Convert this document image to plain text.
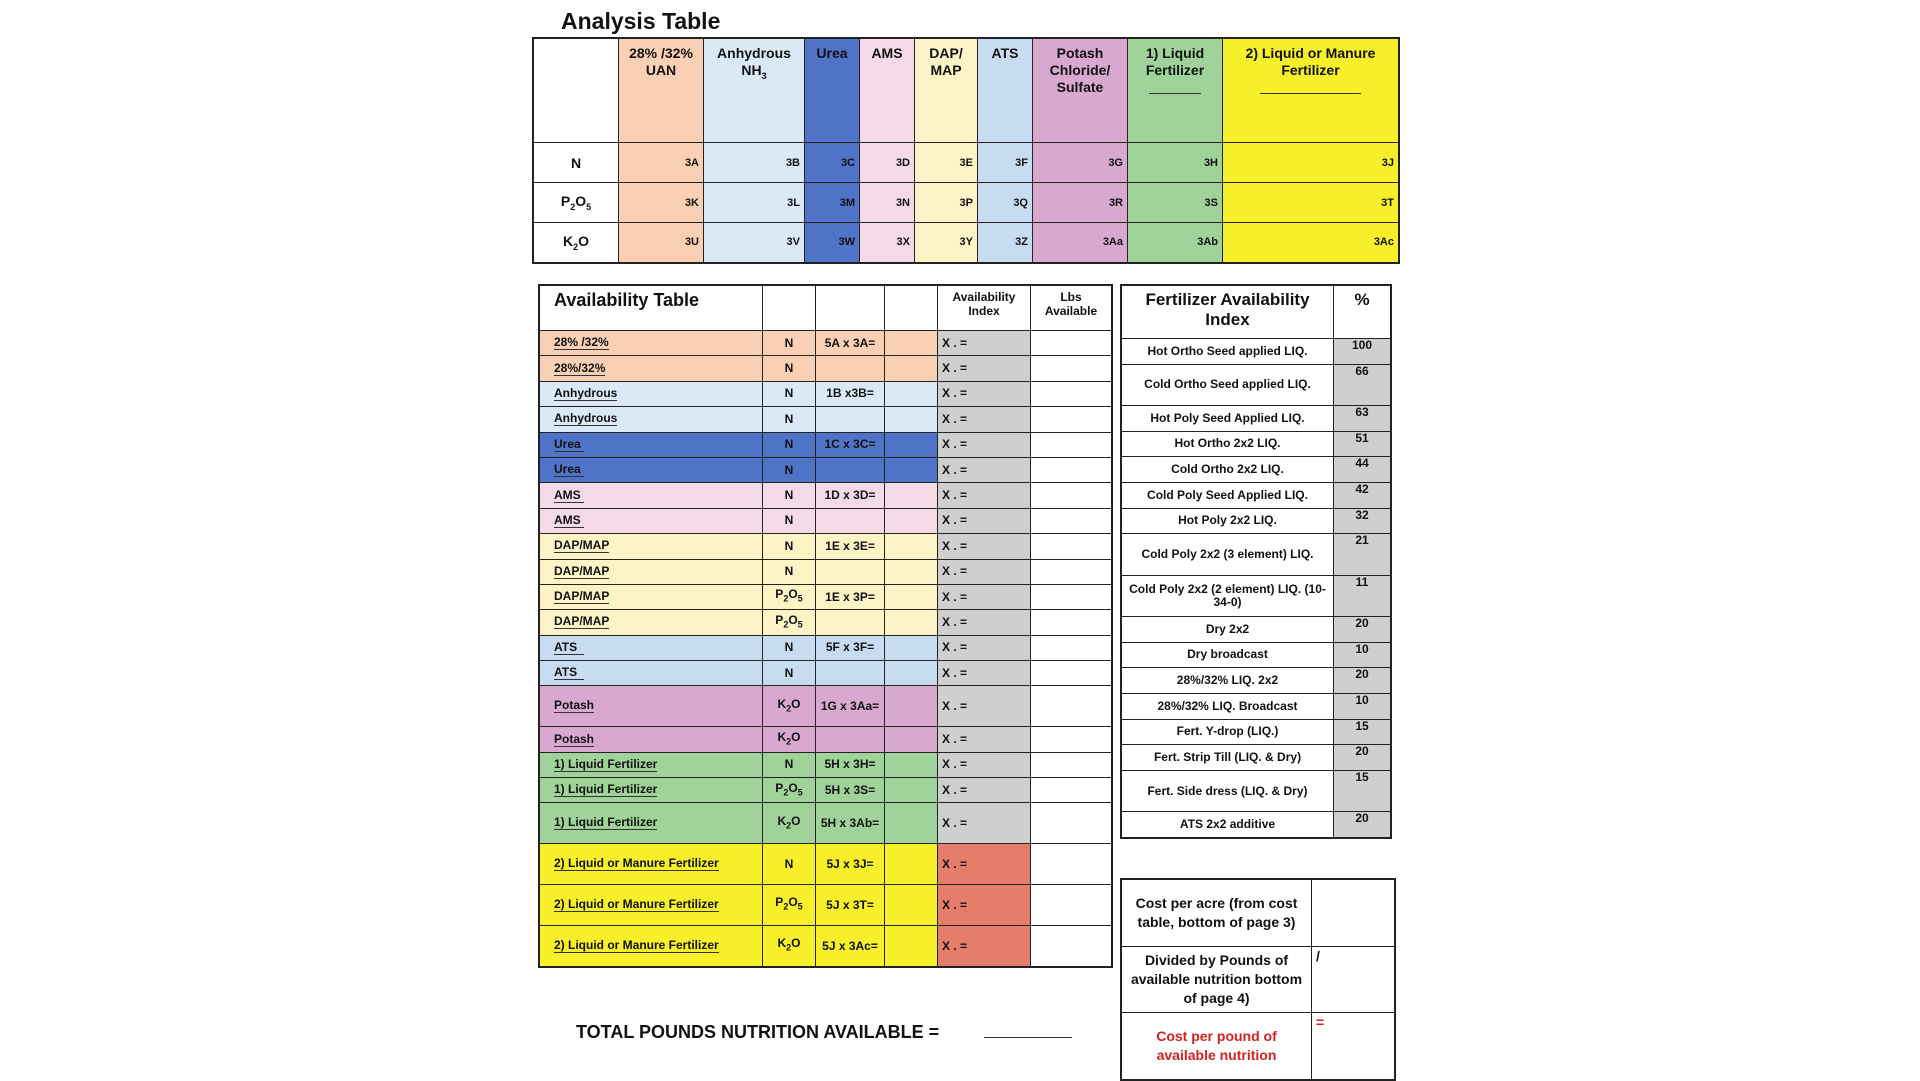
Analysis Table
	28% /32% UAN	Anhydrous $NH_3$	Urea	AMS	DAP/ MAP	ATS	Potash Chloride/ Sulfate	1) Liquid Fertilizer	2) Liquid or Manure Fertilizer

N	3A	3B	3C	3D	3E	3F	3G	3H	3J
$P_2O_5$	3K	3L	3M	3N	3P	3Q	3R	3S	3T
$K_2O$	3U	3V	3W	3X	3Y	3Z	3Aa	3Ab	3Ac
Availability Table				Availability Index	Lbs Available
28% /32%	N	5A x 3A=		X . =	
28%/32%	N			X . =	
Anhydrous	N	1B x3B=		X . =	
Anhydrous	N			X . =	
Urea	N	1C x 3C=		X . =	
Urea	N			X . =	
AMS	N	1D x 3D=		X . =	
AMS	N			X . =	
DAP/MAP	N	1E x 3E=		X . =	
DAP/MAP	N			X . =	
DAP/MAP	$P_2O_5$	1E x 3P=		X . =	
DAP/MAP	$P_2O_5$			X . =	
ATS	N	5F x 3F=		X . =	
ATS	N			X . =	
Potash	$K_2O$	1G x 3Aa=		X . =	
Potash	$K_2O$			X . =	
1) Liquid Fertilizer	N	5H x 3H=		X . =	
1) Liquid Fertilizer	$P_2O_5$	5H x 3S=		X . =	
1) Liquid Fertilizer	$K_2O$	5H x 3Ab=		X . =	
2) Liquid or Manure Fertilizer	N	5J x 3J=		X . =	
2) Liquid or Manure Fertilizer	$P_2O_5$	5J x 3T=		X . =	
2) Liquid or Manure Fertilizer	$K_2O$	5J x 3Ac=		X . =	
Fertilizer Availability Index	%
Hot Ortho Seed applied LIQ.	100
Cold Ortho Seed applied LIQ.	66
Hot Poly Seed Applied LIQ.	63
Hot Ortho 2x2 LIQ.	51
Cold Ortho 2x2 LIQ.	44
Cold Poly Seed Applied LIQ.	42
Hot Poly 2x2 LIQ.	32
Cold Poly 2x2 (3 element) LIQ.	21
Cold Poly 2x2 (2 element) LIQ. (10-34-0)	11
Dry 2x2	20
Dry broadcast	10
28%/32% LIQ. 2x2	20
28%/32% LIQ. Broadcast	10
Fert. Y-drop (LIQ.)	15
Fert. Strip Till (LIQ. & Dry)	20
Fert. Side dress (LIQ. & Dry)	15
ATS 2x2 additive	20
Cost per acre (from cost table, bottom of page 3)	
Divided by Pounds of available nutrition bottom of page 4)	/
Cost per pound of available nutrition	=
TOTAL POUNDS NUTRITION AVAILABLE =
